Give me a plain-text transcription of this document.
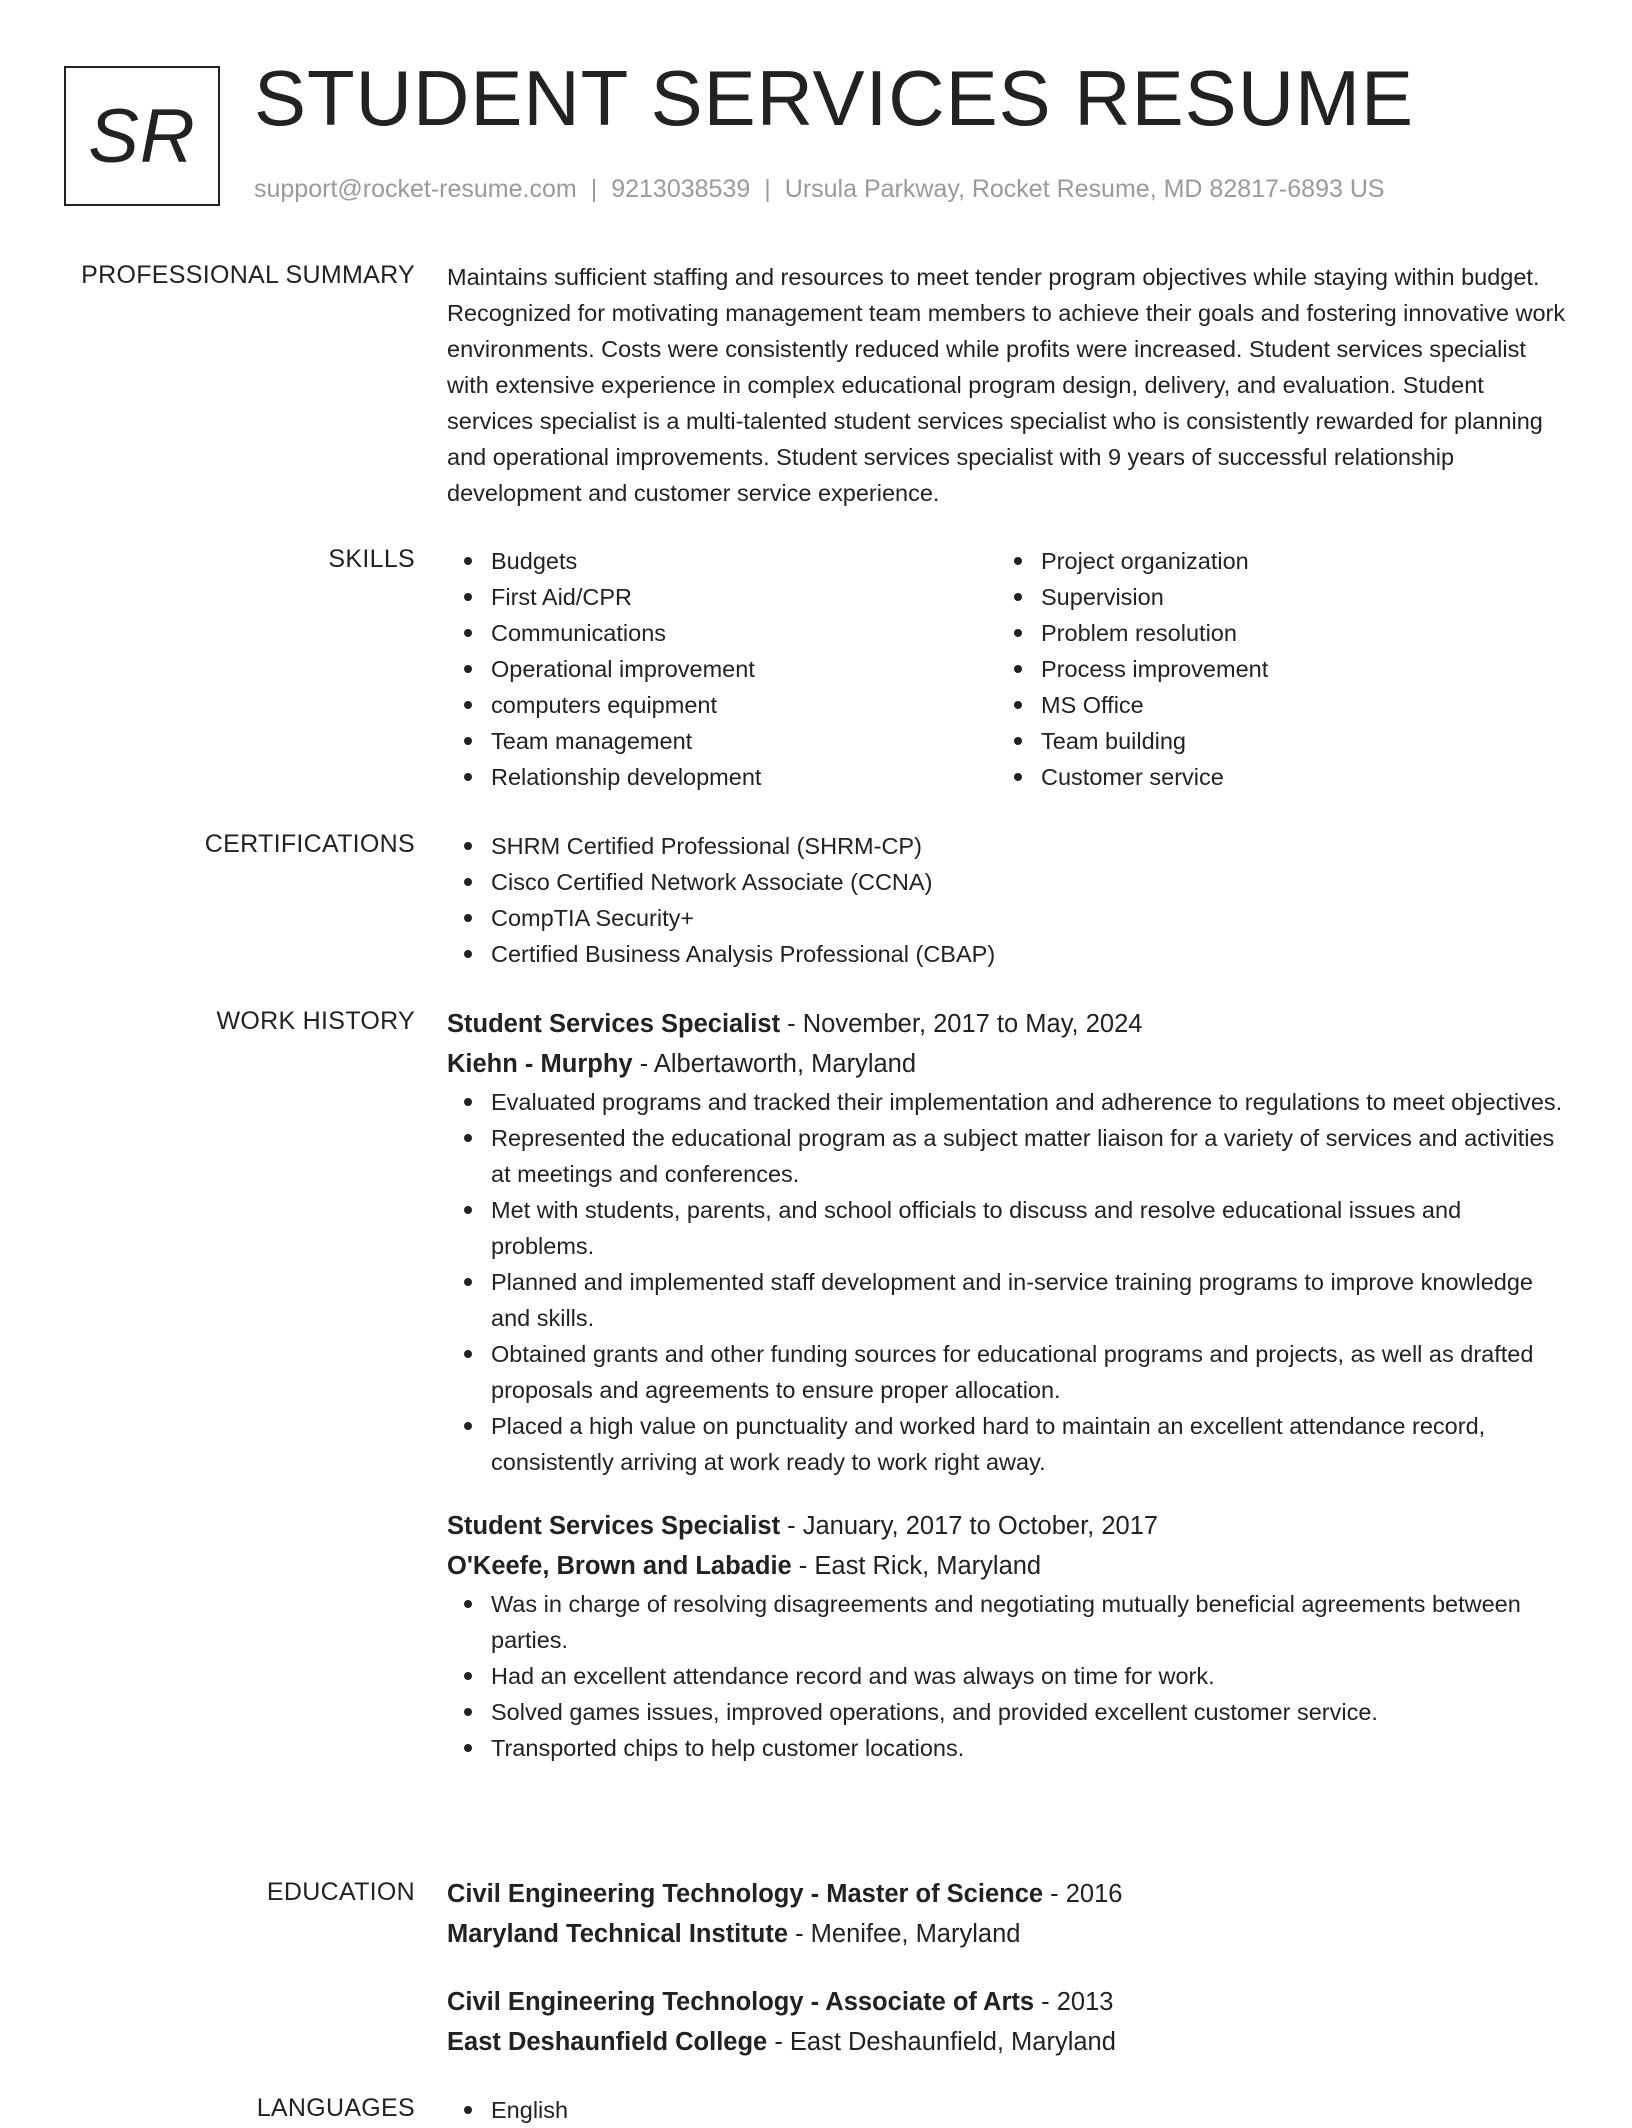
SR STUDENT SERVICES RESUME
support@rocket-resume.com | 9213038539 | Ursula Parkway, Rocket Resume, MD 82817-6893 US
PROFESSIONAL SUMMARY Maintains sufficient staffing and resources to meet tender program objectives while staying within budget. Recognized for motivating management team members to achieve their goals and fostering innovative work environments. Costs were consistently reduced while profits were increased. Student services specialist with extensive experience in complex educational program design, delivery, and evaluation. Student services specialist is a multi-talented student services specialist who is consistently rewarded for planning and operational improvements. Student services specialist with 9 years of successful relationship development and customer service experience.

SKILLS	Budgets
First Aid/CPR
Communications
Operational improvement
computers equipment
Team management
Relationship development
Project organization
Supervision
Problem resolution
Process improvement
MS Office
Team building
Customer service
CERTIFICATIONS	SHRM Certified Professional (SHRM-CP)
Cisco Certified Network Associate (CCNA)
CompTIA Security+
Certified Business Analysis Professional (CBAP)
WORK HISTORY Student Services Specialist - November, 2017 to May, 2024
Kiehn - Murphy - Albertaworth, Maryland
Evaluated programs and tracked their implementation and adherence to regulations to meet objectives.
Represented the educational program as a subject matter liaison for a variety of services and activities at meetings and conferences.
Met with students, parents, and school officials to discuss and resolve educational issues and problems.
Planned and implemented staff development and in-service training programs to improve knowledge and skills.
Obtained grants and other funding sources for educational programs and projects, as well as drafted proposals and agreements to ensure proper allocation.
Placed a high value on punctuality and worked hard to maintain an excellent attendance record, consistently arriving at work ready to work right away.
Student Services Specialist - January, 2017 to October, 2017
O'Keefe, Brown and Labadie - East Rick, Maryland
Was in charge of resolving disagreements and negotiating mutually beneficial agreements between parties.
Had an excellent attendance record and was always on time for work.
Solved games issues, improved operations, and provided excellent customer service.
Transported chips to help customer locations.
EDUCATION Civil Engineering Technology - Master of Science - 2016
Maryland Technical Institute - Menifee, Maryland
Civil Engineering Technology - Associate of Arts - 2013
East Deshaunfield College - East Deshaunfield, Maryland
LANGUAGES	English
